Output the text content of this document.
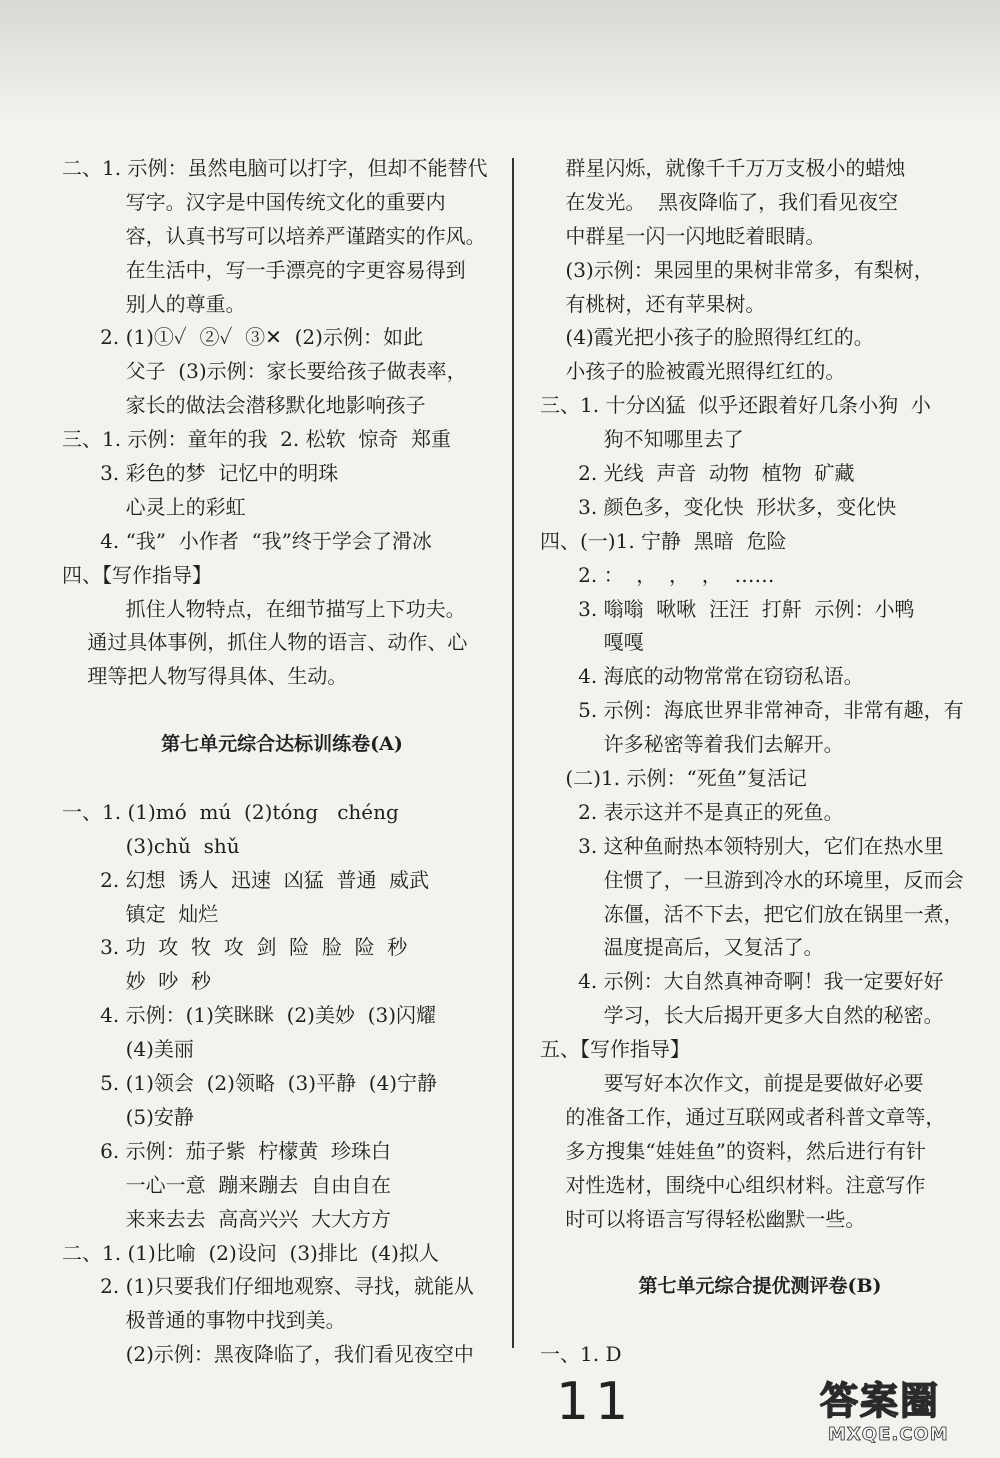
二、1. 示例：虽然电脑可以打字，但却不能替代
写字。汉字是中国传统文化的重要内
容，认真书写可以培养严谨踏实的作风。
在生活中，写一手漂亮的字更容易得到
别人的尊重。
2. (1)①✓  ②✓  ③✕  (2)示例：如此
父子  (3)示例：家长要给孩子做表率，
家长的做法会潜移默化地影响孩子
三、1. 示例：童年的我  2. 松软  惊奇  郑重
3. 彩色的梦  记忆中的明珠
心灵上的彩虹
4. “我”  小作者  “我”终于学会了滑冰
四、【写作指导】
抓住人物特点，在细节描写上下功夫。
通过具体事例，抓住人物的语言、动作、心
理等把人物写得具体、生动。
第七单元综合达标训练卷(A)
一、1. (1)mó  mú  (2)tóng   chéng
(3)chǔ  shǔ
2. 幻想  诱人  迅速  凶猛  普通  威武
镇定  灿烂
3. 功  攻  牧  攻  剑  险  脸  险  秒
妙  吵  秒
4. 示例：(1)笑眯眯  (2)美妙  (3)闪耀
(4)美丽
5. (1)领会  (2)领略  (3)平静  (4)宁静
(5)安静
6. 示例：茄子紫  柠檬黄  珍珠白
一心一意  蹦来蹦去  自由自在
来来去去  高高兴兴  大大方方
二、1. (1)比喻  (2)设问  (3)排比  (4)拟人
2. (1)只要我们仔细地观察、寻找，就能从
极普通的事物中找到美。
(2)示例：黑夜降临了，我们看见夜空中
群星闪烁，就像千千万万支极小的蜡烛
在发光。  黑夜降临了，我们看见夜空
中群星一闪一闪地眨着眼睛。
(3)示例：果园里的果树非常多，有梨树，
有桃树，还有苹果树。
(4)霞光把小孩子的脸照得红红的。
小孩子的脸被霞光照得红红的。
三、1. 十分凶猛  似乎还跟着好几条小狗  小
狗不知哪里去了
2. 光线  声音  动物  植物  矿藏
3. 颜色多，变化快  形状多，变化快
四、(一)1. 宁静  黑暗  危险
2. ：  ，  ，  ，  ……
3. 嗡嗡  啾啾  汪汪  打鼾  示例：小鸭
嘎嘎
4. 海底的动物常常在窃窃私语。
5. 示例：海底世界非常神奇，非常有趣，有
许多秘密等着我们去解开。
(二)1. 示例：“死鱼”复活记
2. 表示这并不是真正的死鱼。
3. 这种鱼耐热本领特别大，它们在热水里
住惯了，一旦游到冷水的环境里，反而会
冻僵，活不下去，把它们放在锅里一煮，
温度提高后，又复活了。
4. 示例：大自然真神奇啊！我一定要好好
学习，长大后揭开更多大自然的秘密。
五、【写作指导】
要写好本次作文，前提是要做好必要
的准备工作，通过互联网或者科普文章等，
多方搜集“娃娃鱼”的资料，然后进行有针
对性选材，围绕中心组织材料。注意写作
时可以将语言写得轻松幽默一些。
第七单元综合提优测评卷(B)
一、1. D
11	答案圈
MXQE.COM
